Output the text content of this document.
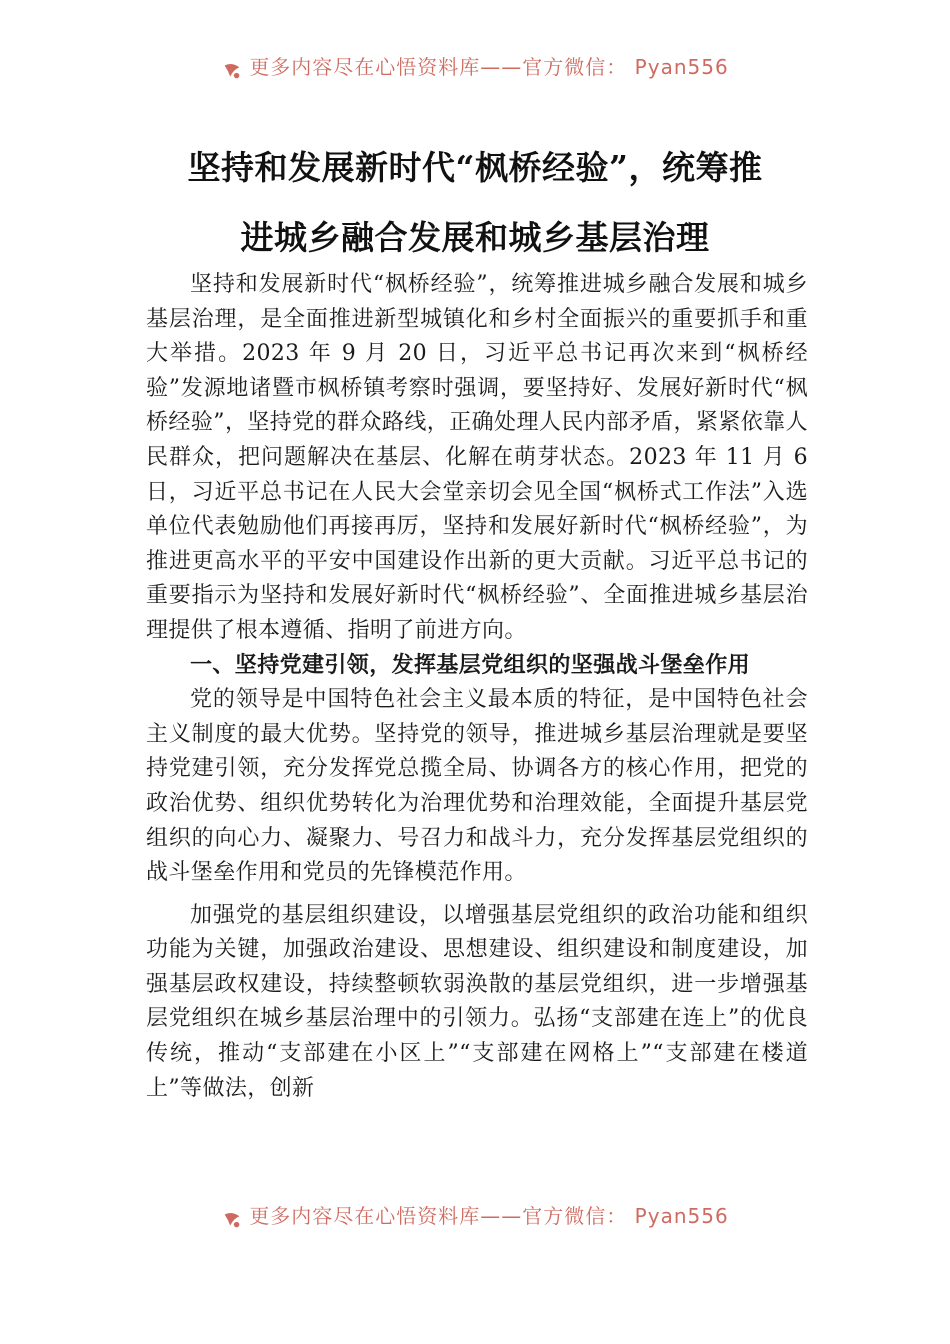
更多内容尽在心悟资料库——官方微信： Pyan556
坚持和发展新时代“枫桥经验”，统筹推
进城乡融合发展和城乡基层治理

坚持和发展新时代“枫桥经验”，统筹推进城乡融合发展和城乡基层治理，是全面推进新型城镇化和乡村全面振兴的重要抓手和重大举措。2023 年 9 月 20 日，习近平总书记再次来到“枫桥经验”发源地诸暨市枫桥镇考察时强调，要坚持好、发展好新时代“枫桥经验”，坚持党的群众路线，正确处理人民内部矛盾，紧紧依靠人民群众，把问题解决在基层、化解在萌芽状态。2023 年 11 月 6 日，习近平总书记在人民大会堂亲切会见全国“枫桥式工作法”入选单位代表勉励他们再接再厉，坚持和发展好新时代“枫桥经验”，为推进更高水平的平安中国建设作出新的更大贡献。习近平总书记的重要指示为坚持和发展好新时代“枫桥经验”、全面推进城乡基层治理提供了根本遵循、指明了前进方向。

一、坚持党建引领，发挥基层党组织的坚强战斗堡垒作用

党的领导是中国特色社会主义最本质的特征，是中国特色社会主义制度的最大优势。坚持党的领导，推进城乡基层治理就是要坚持党建引领，充分发挥党总揽全局、协调各方的核心作用，把党的政治优势、组织优势转化为治理优势和治理效能，全面提升基层党组织的向心力、凝聚力、号召力和战斗力，充分发挥基层党组织的战斗堡垒作用和党员的先锋模范作用。

加强党的基层组织建设，以增强基层党组织的政治功能和组织功能为关键，加强政治建设、思想建设、组织建设和制度建设，加强基层政权建设，持续整顿软弱涣散的基层党组织，进一步增强基层党组织在城乡基层治理中的引领力。弘扬“支部建在连上”的优良传统，推动“支部建在小区上”“支部建在网格上”“支部建在楼道上”等做法，创新

更多内容尽在心悟资料库——官方微信： Pyan556
